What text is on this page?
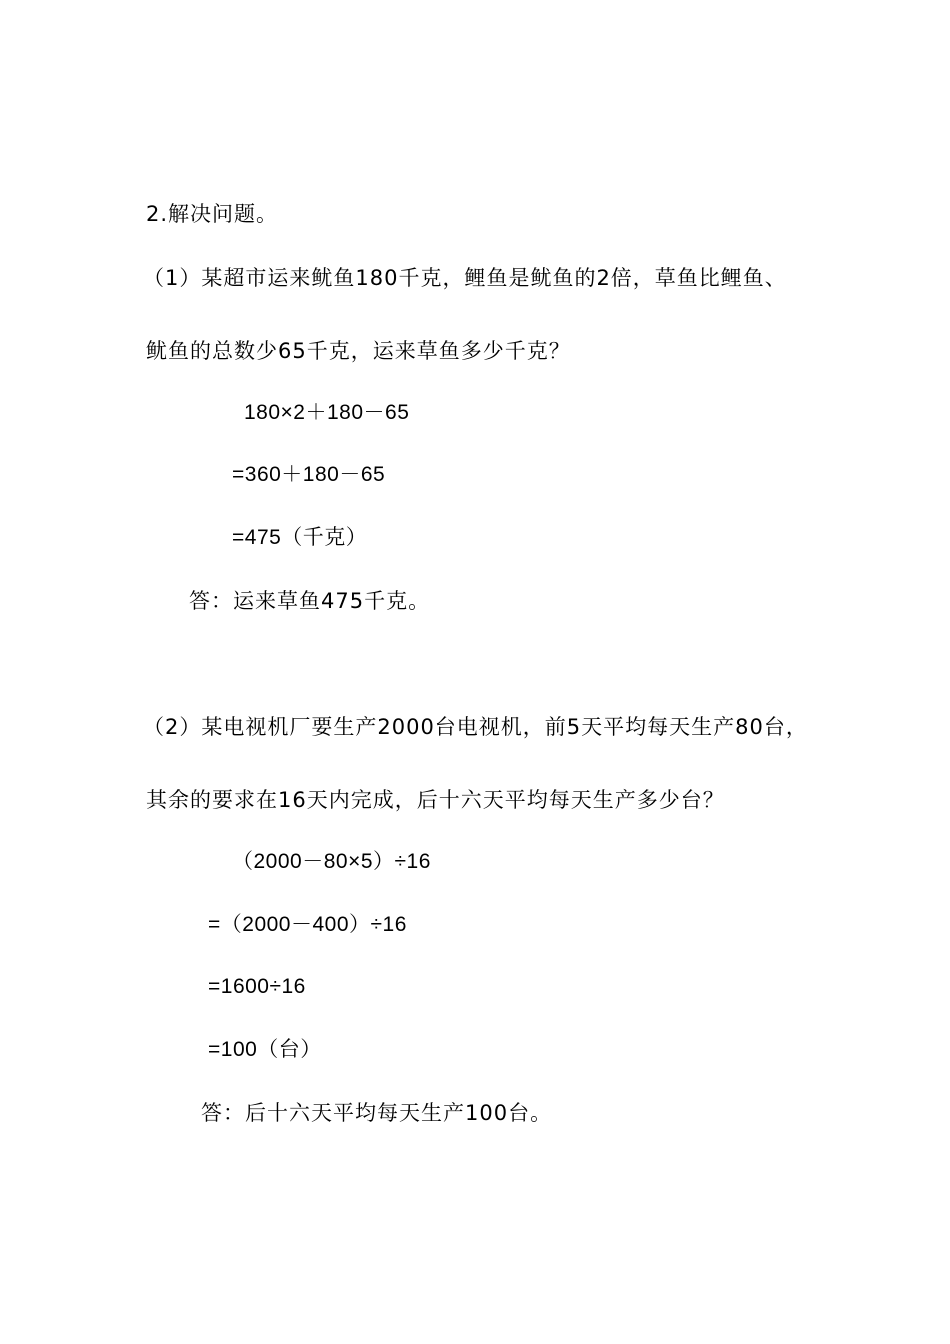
2.解决问题。
（1）某超市运来鱿鱼180千克，鲤鱼是鱿鱼的2倍，草鱼比鲤鱼、
鱿鱼的总数少65千克，运来草鱼多少千克？
180×2＋180－65
=360＋180－65
=475（千克）
答：运来草鱼475千克。
（2）某电视机厂要生产2000台电视机，前5天平均每天生产80台，
其余的要求在16天内完成，后十六天平均每天生产多少台？
（2000－80×5）÷16
=（2000－400）÷16
=1600÷16
=100（台）
答：后十六天平均每天生产100台。
